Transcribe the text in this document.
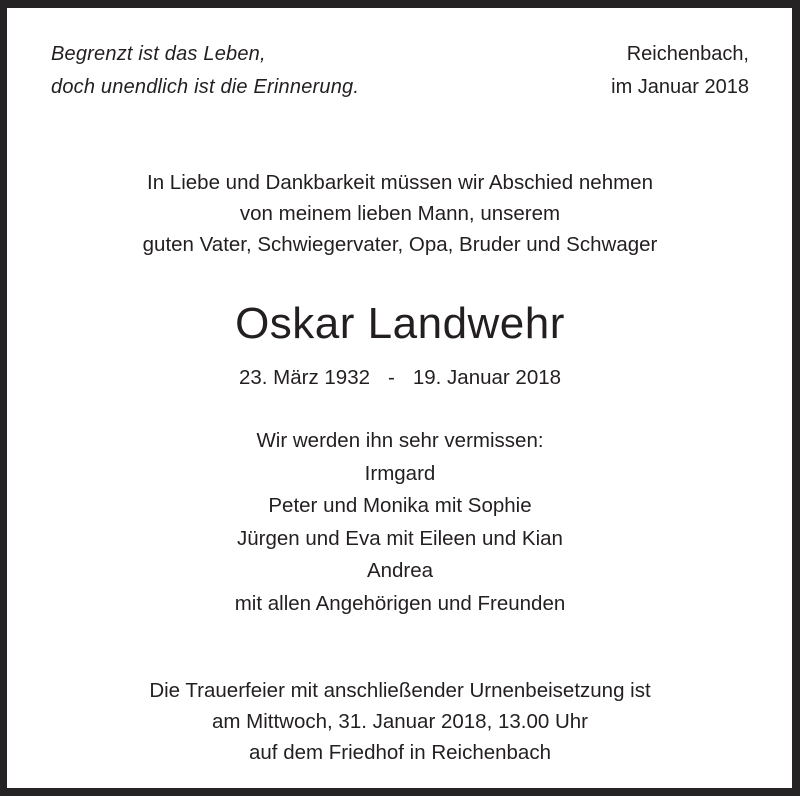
Begrenzt ist das Leben,
doch unendlich ist die Erinnerung.
Reichenbach,
im Januar 2018
In Liebe und Dankbarkeit müssen wir Abschied nehmen
von meinem lieben Mann, unserem
guten Vater, Schwiegervater, Opa, Bruder und Schwager
Oskar Landwehr
23. März 1932 - 19. Januar 2018
Wir werden ihn sehr vermissen:
Irmgard
Peter und Monika mit Sophie
Jürgen und Eva mit Eileen und Kian
Andrea
mit allen Angehörigen und Freunden
Die Trauerfeier mit anschließender Urnenbeisetzung ist
am Mittwoch, 31. Januar 2018, 13.00 Uhr
auf dem Friedhof in Reichenbach
